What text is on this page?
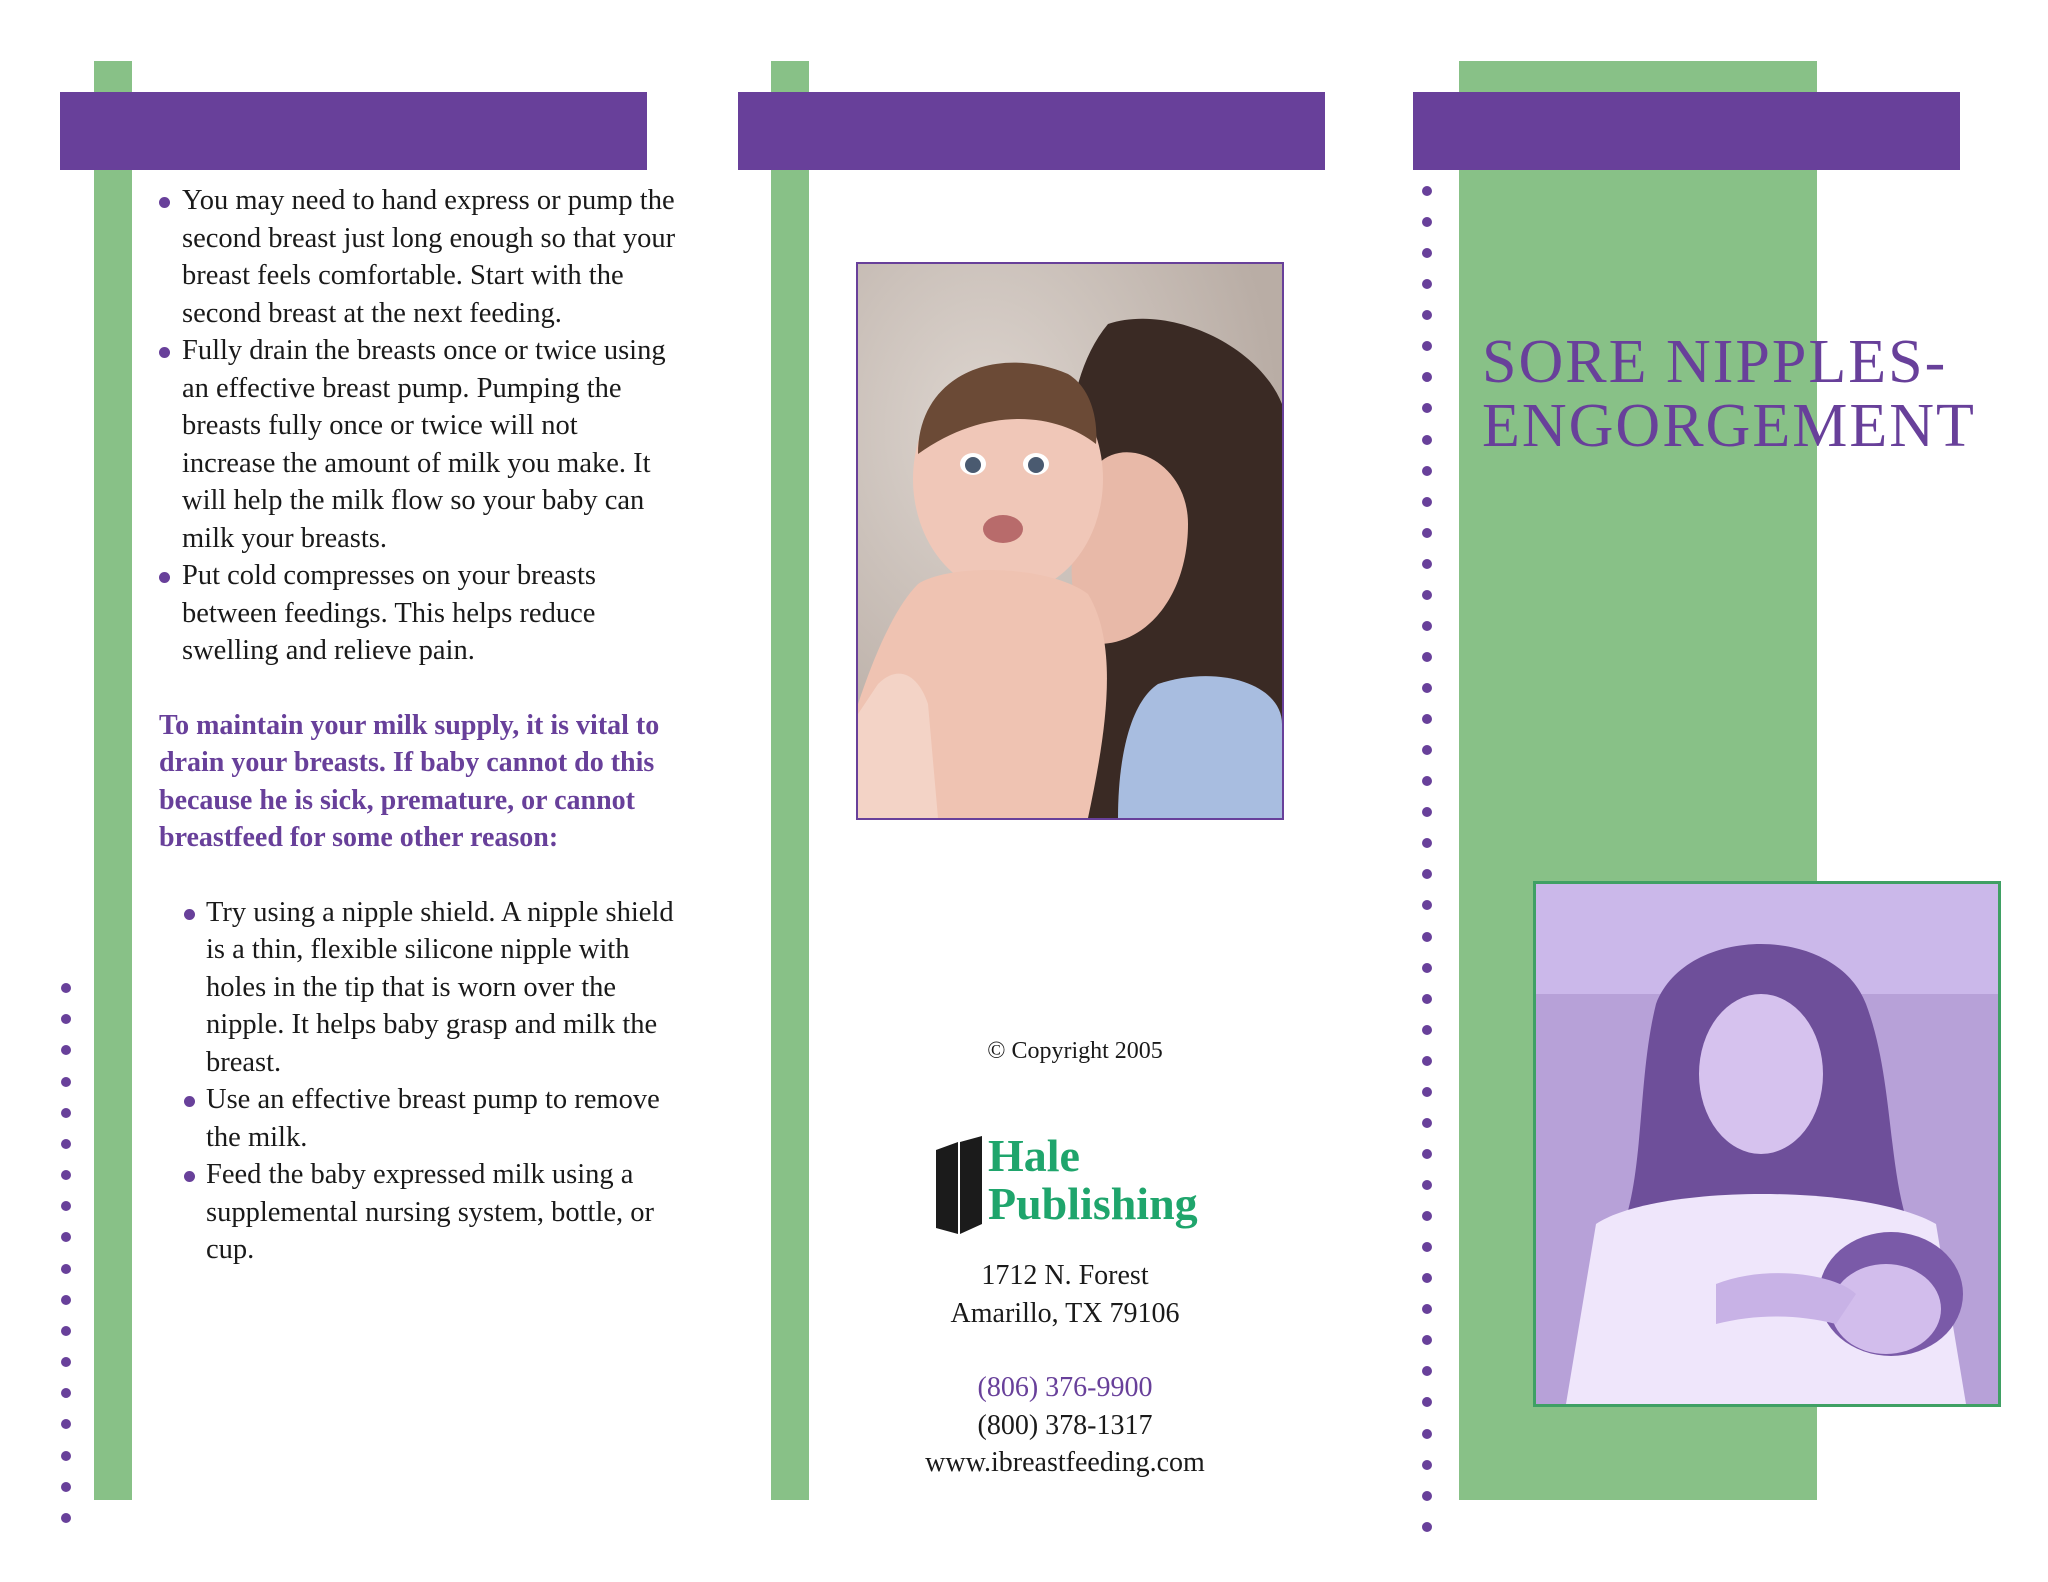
You may need to hand express or pump the second breast just long enough so that your breast feels comfortable. Start with the second breast at the next feeding.
Fully drain the breasts once or twice using an effective breast pump. Pumping the breasts fully once or twice will not increase the amount of milk you make. It will help the milk flow so your baby can milk your breasts.
Put cold compresses on your breasts between feedings. This helps reduce swelling and relieve pain.
To maintain your milk supply, it is vital to drain your breasts. If baby cannot do this because he is sick, premature, or cannot breastfeed for some other reason:
Try using a nipple shield. A nipple shield is a thin, flexible silicone nipple with holes in the tip that is worn over the nipple. It helps baby grasp and milk the breast.
Use an effective breast pump to remove the milk.
Feed the baby expressed milk using a supplemental nursing system, bottle, or cup.
© Copyright 2005
Hale
Publishing
1712 N. Forest
Amarillo, TX 79106
(806) 376-9900
(800) 378-1317
www.ibreastfeeding.com
SORE NIPPLES-
ENGORGEMENT
